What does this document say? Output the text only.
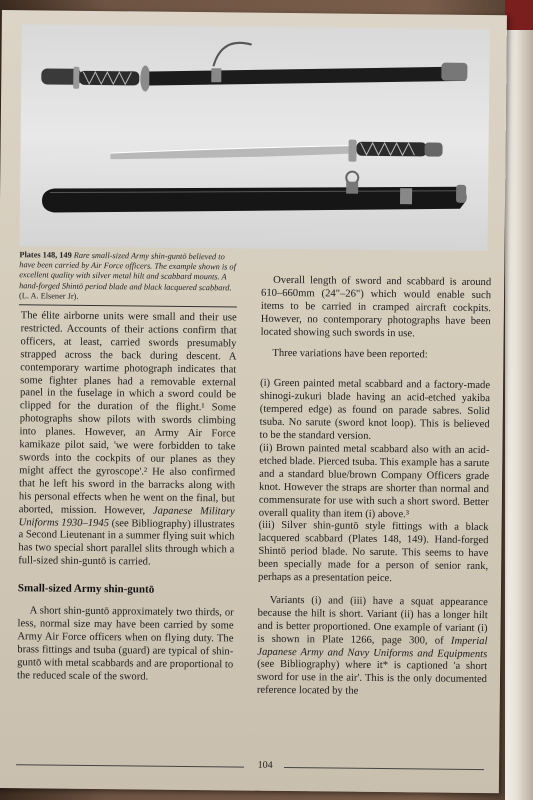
Plates 148, 149 Rare small-sized Army shin-guntō believed to have been carried by Air Force officers. The example shown is of excellent quality with silver metal hilt and scabbard mounts. A hand-forged Shintō period blade and black lacquered scabbard. (L. A. Elsener Jr).

The élite airborne units were small and their use restricted. Accounts of their actions confirm that officers, at least, carried swords presumably strapped across the back during descent. A contemporary wartime photograph indicates that some fighter planes had a removable external panel in the fuselage in which a sword could be clipped for the duration of the flight.¹ Some photographs show pilots with swords climbing into planes. However, an Army Air Force kamikaze pilot said, 'we were forbidden to take swords into the cockpits of our planes as they might affect the gyroscope'.² He also confirmed that he left his sword in the barracks along with his personal effects when he went on the final, but aborted, mission. However, Japanese Military Uniforms 1930–1945 (see Bibliography) illustrates a Second Lieutenant in a summer flying suit which has two special short parallel slits through which a full-sized shin-guntō is carried.

Small-sized Army shin-guntō

A short shin-guntō approximately two thirds, or less, normal size may have been carried by some Army Air Force officers when on flying duty. The brass fittings and tsuba (guard) are typical of shin-guntō with metal scabbards and are proportional to the reduced scale of the sword.

Overall length of sword and scabbard is around 610–660mm (24"–26") which would enable such items to be carried in cramped aircraft cockpits. However, no contemporary photographs have been located showing such swords in use.

Three variations have been reported:

(i) Green painted metal scabbard and a factory-made shinogi-zukuri blade having an acid-etched yakiba (tempered edge) as found on parade sabres. Solid tsuba. No sarute (sword knot loop). This is believed to be the standard version.

(ii) Brown painted metal scabbard also with an acid-etched blade. Pierced tsuba. This example has a sarute and a standard blue/brown Company Officers grade knot. However the straps are shorter than normal and commensurate for use with such a short sword. Better overall quality than item (i) above.³

(iii) Silver shin-guntō style fittings with a black lacquered scabbard (Plates 148, 149). Hand-forged Shintō period blade. No sarute. This seems to have been specially made for a person of senior rank, perhaps as a presentation peice.

Variants (i) and (iii) have a squat appearance because the hilt is short. Variant (ii) has a longer hilt and is better proportioned. One example of variant (i) is shown in Plate 1266, page 300, of Imperial Japanese Army and Navy Uniforms and Equipments (see Bibliography) where it* is captioned 'a short sword for use in the air'. This is the only documented reference located by the

104
